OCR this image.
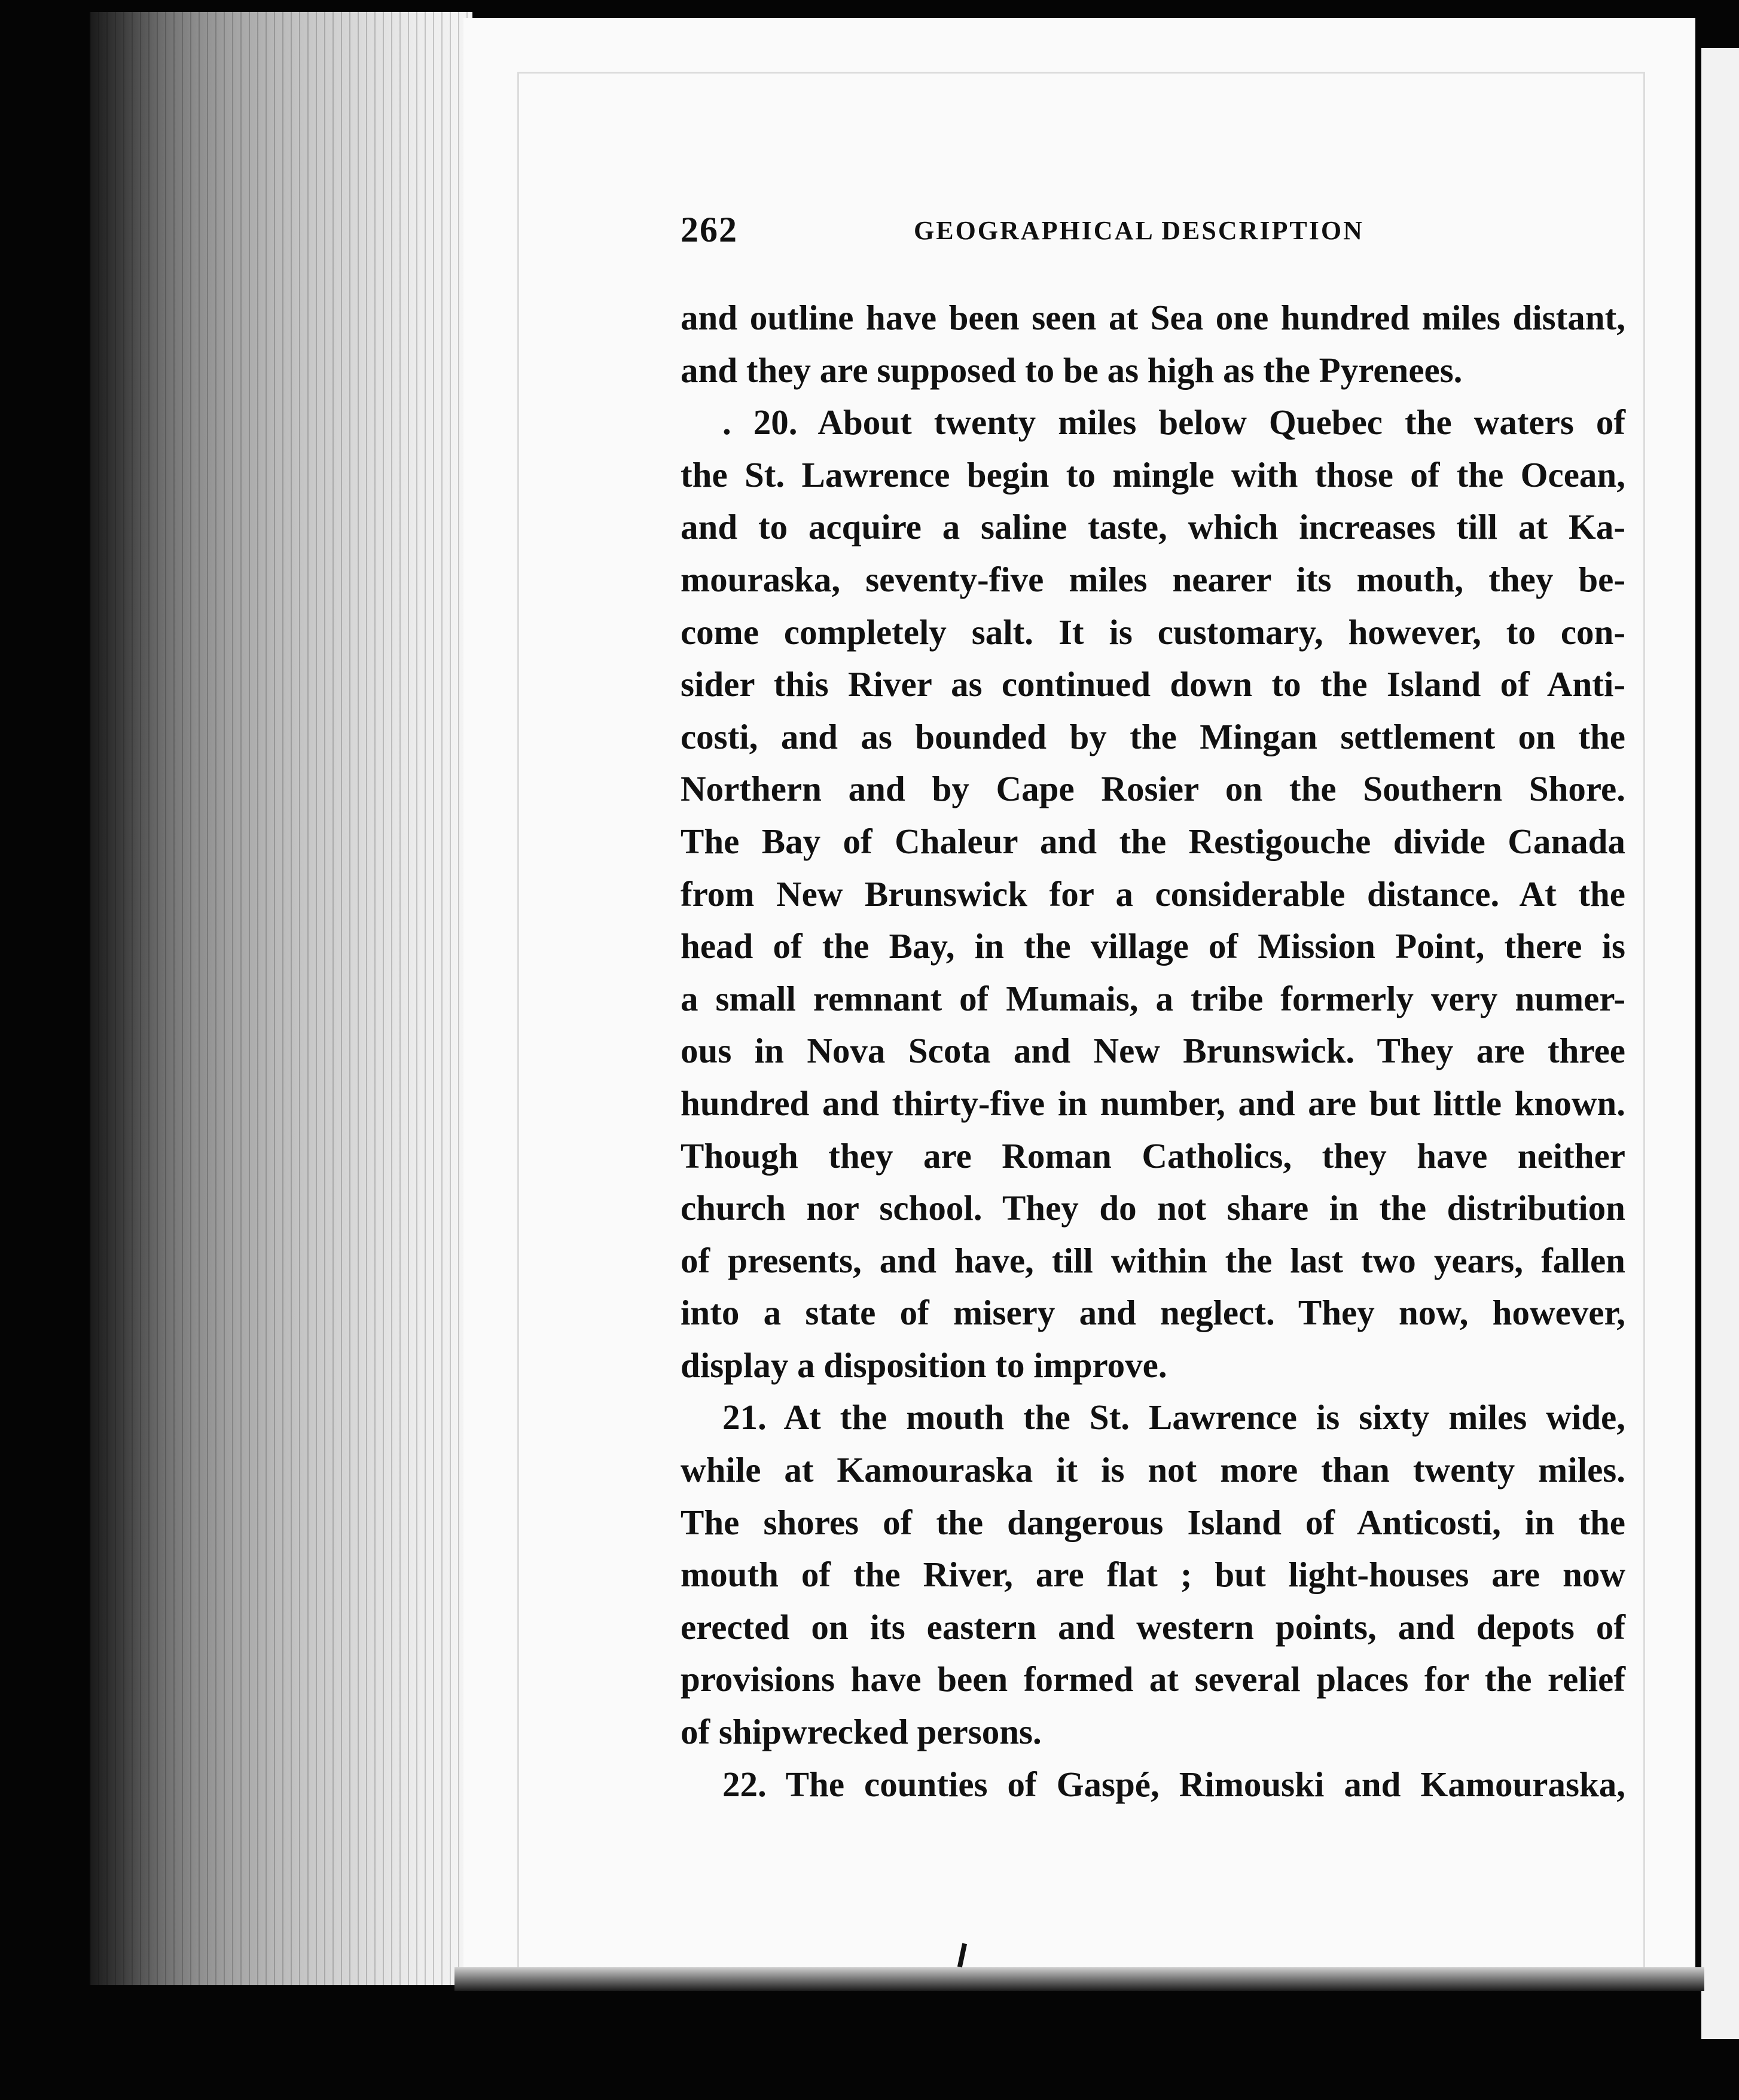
262	GEOGRAPHICAL DESCRIPTION
and outline have been seen at Sea one hundred miles distant,
and they are supposed to be as high as the Pyrenees.
. 20. About twenty miles below Quebec the waters of
the St. Lawrence begin to mingle with those of the Ocean,
and to acquire a saline taste, which increases till at Ka-
mouraska, seventy-five miles nearer its mouth, they be-
come completely salt. It is customary, however, to con-
sider this River as continued down to the Island of Anti-
costi, and as bounded by the Mingan settlement on the
Northern and by Cape Rosier on the Southern Shore.
The Bay of Chaleur and the Restigouche divide Canada
from New Brunswick for a considerable distance. At the
head of the Bay, in the village of Mission Point, there is
a small remnant of Mumais, a tribe formerly very numer-
ous in Nova Scota and New Brunswick. They are three
hundred and thirty-five in number, and are but little known.
Though they are Roman Catholics, they have neither
church nor school. They do not share in the distribution
of presents, and have, till within the last two years, fallen
into a state of misery and neglect. They now, however,
display a disposition to improve.
21. At the mouth the St. Lawrence is sixty miles wide,
while at Kamouraska it is not more than twenty miles.
The shores of the dangerous Island of Anticosti, in the
mouth of the River, are flat ; but light-houses are now
erected on its eastern and western points, and depots of
provisions have been formed at several places for the relief
of shipwrecked persons.
22. The counties of Gaspé, Rimouski and Kamouraska,
